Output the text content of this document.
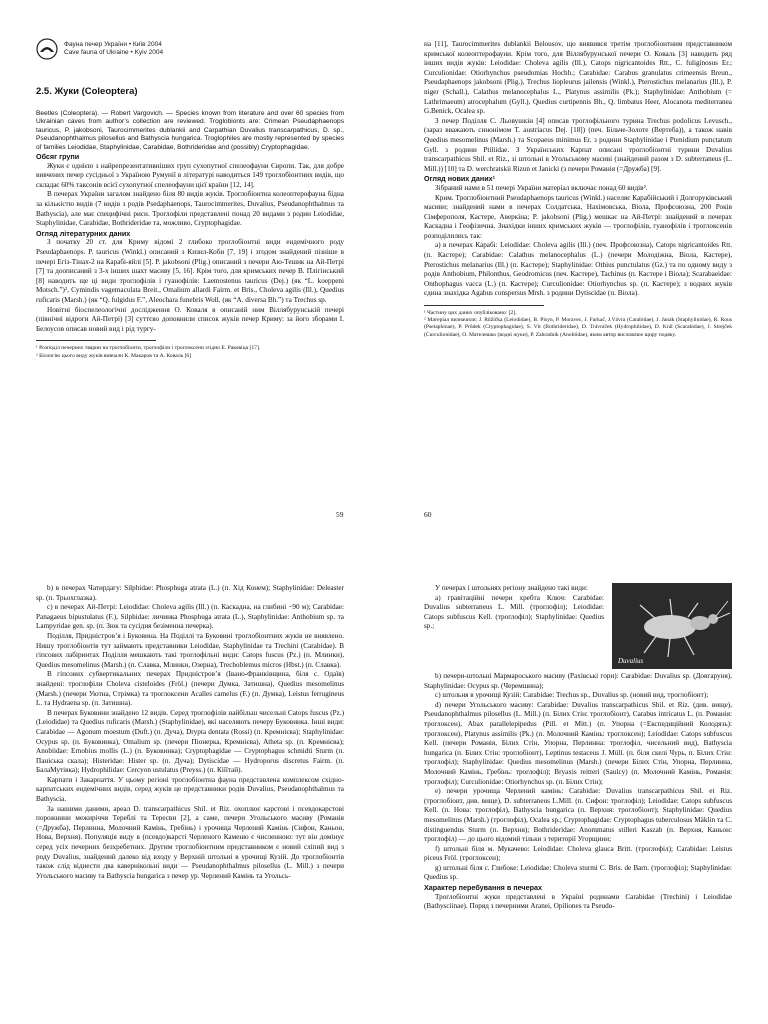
Фауна печер України • Київ 2004
Cave fauna of Ukraine • Kyiv 2004
2.5. Жуки (Coleoptera)

Beetles (Coleoptera). — Robert Vargovich. — Species known from literature and over 60 species from Ukrainian caves from author’s collection are reviewed. Troglobionts are: Crimean Pseudaphaenops tauricus, P. jakobsoni, Taurocimmerites dublankii and Carpathian Duvalius transcarpathicus, D. sp., Pseudanophthalmus pilosellus and Bathyscia hungarica. Troglophiles are mostly represented by species of families Leiodidae, Staphylinidae, Carabidae, Bothrideridae and (possibly) Cryptophagidae.

Обсяг групи

Жуки є однією з найрепрезентативніших груп сухопутної спелеофауни Європи. Так, для добре вивчених печер сусідньої з Україною Румунії в літературі наводиться 149 троглобіонтних видів, що складає 60% таксонів всієї сухопутної спелеофауни цієї країни [12, 14].

В печерах України загалом знайдено біля 80 видів жуків. Троглобіонтна колеоптерофауна бідна за кількістю видів (7 видів з родів Psedaphaenops, Taurocimmerites, Duvalius, Pseudanophthalmus та Bathyscia), але має специфічні риси. Троглофіли представлені понад 20 видами з родин Leiodidae, Staphylinidae, Carabidae, Bothrideridae та, можливо, Cryptophagidae.

Огляд літературних даних

З початку 20 ст. для Криму відомі 2 глибоко троглобіонтні види ендемічного роду Pseudaphaenops. P. tauricus (Winkl.) описаний з Кизил-Коби [7, 19] і згодом знайдений пізніше в печері Егіз-Тінах-2 на Карабі-яйлі [5]. P. jakobsoni (Plig.) описаний з печери Аю-Тешик на Ай-Петрі [7] та доописаний з 3-х інших шахт масиву [5, 16]. Крім того, для кримських печер В. Плігінський [8] наводить ще ці види троглофілів і гуанофілів: Laemostenus tauricus (Dej.) (як “L. koeppeni Motsch.”)², Cymindis vagemaculata Breit., Omalium allardi Fairm. et Bris., Choleva agilis (Ill.), Quedius ruficaris (Marsh.) (як “Q. fulgidus F.”, Aleochara funebris Woll. (як “A. diversa Bh.”) та Trechus sp.

Новітні біоспелеологічні дослідження О. Коваля в описаній ним Віллябурунській печері (північні відроги Ай-Петрі) [3] суттєво доповнили список жуків печер Криму: за його зборами І. Белоусов описав новий вид і рід тургу-

¹ Розподіл печерних тварин на троглобіонти, троглофіли і троглоксени згідно Е. Раковіца [17].

² Біологію цього виду жуків вивчали К. Макаров та А. Коваль [6]

59

на [11], Taurocimmerites dublankii Belousov, що виявився третім троглобіонтним представником кримської колеоптерофауни. Крім того, для Віллябурунської печери О. Коваль [3] наводить ряд інших видів жуків: Leiodidae: Choleva agilis (Ill.), Catops nigricantoides Rtt., C. fuliginosus Er.; Curculionidae: Otiorhynchus pseudomias Hochh.; Carabidae: Carabus granulatus crimeensis Breun., Pseudaphaenops jakobsoni (Plig.), Trechus liopleurus jailensis (Winkl.), Pterostichus melanarius (Ill.), P. niger (Schall.), Calathus melanocephalus L., Platynus assimilis (Pk.); Staphylinidae: Anthobium (= Lathrimaeum) atrocephalum (Gyll.), Quedius curtipennis Bh., Q. limbatus Heer, Alocanota mediterranea G.Benick, Ocalea sp.

З печер Поділля С. Льовушкін [4] описав троглофільного турина Trechus podolicus Levusch., (зараз вважають синонімом T. austriacus Dej. [18]) (печ. Більче-Золоте (Вертеба)), а також навів Quedius mesomelinus (Marsh.) та Scopaeus minimus Er. з родини Staphylinidae і Ptenidium punctatum Gyll. з родини Ptiliidae. З Українських Карпат описані троглобіонтні турини Duvalius transcarpathicus Shil. et Riz., зі штольні в Угольському масиві (знайдений разом з D. subterraneus (L. Mill.)) [10] та D. werchratskii Rizun et Janicki (з печери Романія (=Дружба) [9].

Огляд нових даних¹

Зібраний нами в 51 печері України матеріал включає понад 60 видів².

Крим. Троглобіонтний Pseudaphaenops tauricus (Winkl.) населяє Карабійський і Долгоруківський масиви; знайдений нами в печерах Солдатська, Нахімовська, Віола, Профсоюзна, 200 Років Сімферополя, Кастере, Аверкіна; P. jakobsoni (Plig.) мешкає на Ай-Петрі: знайдений в печерах Каскадна і Геофізична. Знахідки інших кримських жуків — троглофілів, гуанофілів і троглоксенів розподілились так:

а) в печерах Карабі: Leiodidae: Choleva agilis (Ill.) (печ. Профсоюзна), Catops nigricantoides Rtt. (п. Кастере); Carabidae: Calathus melanocephalus (L.) (печери Молодіжна, Віола, Кастере), Pterostichus melanarius (Ill.) (п. Кастере); Staphylinidae: Othius punctulatus (Gz.) та по одному виду з родів Anthobium, Philonthus, Geodromicus (печ. Кастере), Tachinus (п. Кастере і Віола); Scarabaeidae: Onthophagus vacca (L.) (п. Кастере); Curculionidae: Otiorhynchus sp. (п. Кастере); з водних жуків єдина знахідка Agabus conspersus Mrsh. з родини Dytiscidae (п. Віола).

¹ Частину цих даних опубліковано: [2].

² Матеріал визначили: J. Růžička (Leiodidae), B. Pisyn, P. Moravec, J. Farkač, J.Vávra (Carabidae), J. Janák (Staphylinidae), R. Rous (Pselaphinae), P. Průdek (Cryptophagidae), S. Vít (Bothrideridae), D. Trávníček (Hydrophilidae), D. Král (Scarabidae), J. Strejček (Curculionidae), О. Мателешко (водні жуки), P. Zahradník (Anobiidae), яким автор висловлює щиру подяку.

60

b) в печерах Чатирдагу: Silphidae: Phosphuga atrata (L.) (п. Хід Конем); Staphylinidae: Deleaster sp. (п. Трьохглазка).

c) в печерах Ай-Петрі: Leiodidae: Choleva agilis (Ill.) (п. Каскадна, на глибині −90 м); Carabidae: Panagaeus bipustulatus (F.), Silphidae: личинка Phosphuga atrata (L.), Staphylinidae: Anthobium sp. та Lampyridae gen. sp. (п. Зюк та сусідня безіменна печерка).

Поділля, Придністров’я і Буковина. На Поділлі та Буковині троглобіонтних жуків не виявлено. Нишу троглобіонтів тут займають представники Leiodidae, Staphylinidae та Trechini (Carabidae). В гіпсових лабіринтах Поділля мешкають такі троглофільні види: Catops fuscus (Pz.) (п. Млинки), Quedius mesomelinus (Marsh.) (п. Славка, Млинки, Озерна), Trechoblemus micros (Hbst.) (п. Славка).

В гіпсових субвертикальних печерах Придністров’я (Івано-Франківщина, біля с. Одаїв) знайдені: троглофіли Choleva cisteloides (Fröl.) (печери Думка, Затишна), Quedius mesomelinus (Marsh.) (печери Уютна, Стрімка) та троглоксени Acalles camelus (F.) (п. Думка), Leistus ferrugineus L. та Hydraena sp. (п. Затишна).

В печерах Буковини знайдено 12 видів. Серед троглофілів найбільш чисельні Catops fuscus (Pz.) (Leiodidae) та Quedius ruficaris (Marsh.) (Staphylinidae), які населяють печеру Буковинка. Інші види: Carabidae — Agonum moestum (Duft.) (п. Дуча), Drypta dentata (Rossi) (п. Кремнієва); Staphylinidae: Ocypus sp. (п. Буковинка), Omalium sp. (печери Піонерка, Кремнієва), Atheta sp. (п. Кремнієва); Anobiidae: Ernobius mollis (L.) (п. Буковинка); Cryptophagidae — Cryptophagus schmidti Sturm (п. Паніська скала); Histeridae: Hister sp. (п. Дуча); Dytiscidae — Hydroporus discretus Fairm. (п. БалаМутівка); Hydrophilidae: Cercyon ustulatus (Preyss.) (п. Кіїїтай).

Карпати і Закарпаття. У цьому регіоні троглобіонтна фауна представлена комплексом східно-карпатських ендемічних видів, серед жуків це представники родів Duvalius, Pseudanophthalmus та Bathyscia.

За нашими даними, ареал D. transcarpathicus Shil. et Riz. охоплює карстові і псевдокарстові порожнини межиріччя Тереблі та Тересви [2], а саме, печери Угольського масиву (Романія (=Дружба), Перлинна, Молочний Камінь, Гребінь) і урочища Черлений Камінь (Сифон, Каньон, Нова, Верхня). Популяція виду в (псевдо)карсті Черленого Каменю є численною: тут він домінує серед усіх печерних безхребетних. Другим троглобіонтним представником є новий сліпий вид з роду Duvalius, знайдений далеко від входу у Верхній штольні в урочищі Кузій. До троглобіонтів також слід віднести два кавернікольні види — Pseudanophthalmus pilosellus (L. Mill.) з печери Угольського масиву та Bathyscia hungarica з печер ур. Черлений Камінь та Угольсь-

У печерах і штольнях регіону знайдено такі види:

а) гравітаційні печери хребта Ключ: Carabidae: Duvalius subterraneus L. Mill. (троглофіл); Leiodidae: Catops subfuscus Kell. (троглофіл); Staphylinidae: Quedius sp.;

Duvalius

b) печери-штольні Мармароського масиву (Рахівські гори): Carabidae: Duvalius sp. (Довгаруня), Staphylinidae: Ocypus sp. (Черемшина);

c) штольня в урочищі Кузій: Carabidae: Trechus sp., Duvalius sp. (новий вид, троглобіонт);

d) печери Угольського масиву: Carabidae: Duvalius transcarpathicus Shil. et Riz. (див. вище), Pseudanophthalmus pilosellus (L. Mill.) (п. Білих Стін: троглобіонт), Carabus intricatus L. (п. Романія: троглоксен), Abax parallelepipedus (Pill. et Mitt.) (п. Упорна (=Експедиційний Колодязь): троглоксен), Platynus assimilis (Pk.) (п. Молочний Камінь: троглоксен); Leiodidae: Catops subfuscus Kell. (печери Романія, Білих Стін, Упорна, Перлинна: троглофіл, чисельний вид), Bathyscia hungarica (п. Білих Стін: троглобіонт), Leptinus testaceus J. Müll. (п. біля скелі Чурь, п. Білих Стін: троглофіл); Staphylinidae: Quedius mesomelinus (Marsh.) (печери Білих Стін, Упорна, Перлинна, Молочний Камінь, Гребінь: троглофіл); Bryaxis reitteri (Saulcy) (п. Молочний Камінь, Романія: троглофіл); Curculionidae: Otiorhynchus sp. (п. Білих Стін);

e) печери урочища Черлений камінь: Carabidae: Duvalius transcarpathicus Shil. et Riz. (троглобіонт, див. вище), D. subterraneus L.Mill. (п. Сифон: троглофіл); Leiodidae: Catops subfuscus Kell. (п. Нова: троглофіл), Bathyscia hungarica (п. Верхня: троглобіонт); Staphylinidae: Quedius mesomelinus (Marsh.) (троглофіл), Ocalea sp.; Cryptophagidae: Cryptophagus tuberculosus Mäklin та C. distinguendus Sturm (п. Верхня); Bothrideridae: Anommatus stilleri Kaszab (п. Верхня, Каньон: троглофіл) — до цього відомий тільки з території Угорщини;

f) штольні біля м. Мукачево: Leiodidae: Choleva glauca Britt. (троглофіл); Carabidae: Leistus piceus Fröl. (троглоксен);

g) штольні біля с. Глибоке: Leiodidae: Choleva sturmi C. Bris. de Barn. (троглофіл); Staphylinidae: Quedius sp.

Характер перебування в печерах

Троглобіонтні жуки представлені в Україні родинами Carabidae (Trechini) і Leiodidae (Bathysciinae). Поряд з печерними Aranei, Opiliones та Pseudo-
